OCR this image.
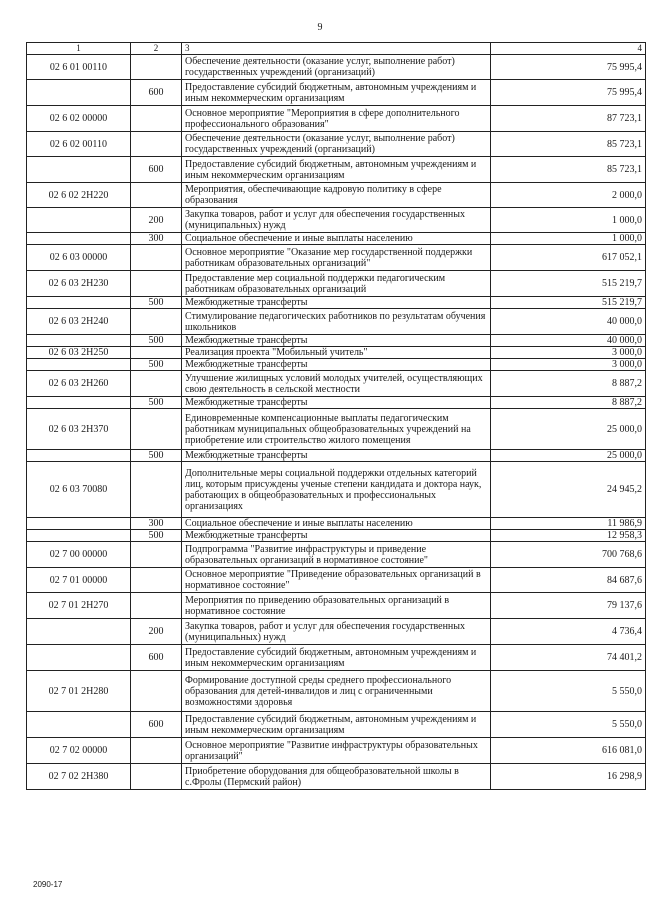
9
1	2	3	4
02 6 01 00110		Обеспечение деятельности (оказание услуг, выполнение работ) государственных учреждений (организаций)	75 995,4
	600	Предоставление субсидий бюджетным, автономным учреждениям и иным некоммерческим организациям	75 995,4
02 6 02 00000		Основное мероприятие "Мероприятия в сфере дополнительного профессионального образования"	87 723,1
02 6 02 00110		Обеспечение деятельности (оказание услуг, выполнение работ) государственных учреждений (организаций)	85 723,1
	600	Предоставление субсидий бюджетным, автономным учреждениям и иным некоммерческим организациям	85 723,1
02 6 02 2Н220		Мероприятия, обеспечивающие кадровую политику в сфере образования	2 000,0
	200	Закупка товаров, работ и услуг для обеспечения государственных (муниципальных) нужд	1 000,0
	300	Социальное обеспечение и иные выплаты населению	1 000,0
02 6 03 00000		Основное мероприятие "Оказание мер государственной поддержки работникам образовательных организаций"	617 052,1
02 6 03 2Н230		Предоставление мер социальной поддержки педагогическим работникам образовательных организаций	515 219,7
	500	Межбюджетные трансферты	515 219,7
02 6 03 2Н240		Стимулирование педагогических работников по результатам обучения школьников	40 000,0
	500	Межбюджетные трансферты	40 000,0
02 6 03 2Н250		Реализация проекта "Мобильный учитель"	3 000,0
	500	Межбюджетные трансферты	3 000,0
02 6 03 2Н260		Улучшение жилищных условий молодых учителей, осуществляющих свою деятельность в сельской местности	8 887,2
	500	Межбюджетные трансферты	8 887,2
02 6 03 2Н370		Единовременные компенсационные выплаты педагогическим работникам муниципальных общеобразовательных учреждений на приобретение или строительство жилого помещения	25 000,0
	500	Межбюджетные трансферты	25 000,0
02 6 03 70080		Дополнительные меры социальной поддержки отдельных категорий лиц, которым присуждены ученые степени кандидата и доктора наук, работающих в общеобразовательных и профессиональных организациях	24 945,2
	300	Социальное обеспечение и иные выплаты населению	11 986,9
	500	Межбюджетные трансферты	12 958,3
02 7 00 00000		Подпрограмма "Развитие инфраструктуры и приведение образовательных организаций в нормативное состояние"	700 768,6
02 7 01 00000		Основное мероприятие "Приведение образовательных организаций в нормативное состояние"	84 687,6
02 7 01 2Н270		Мероприятия по приведению образовательных организаций в нормативное состояние	79 137,6
	200	Закупка товаров, работ и услуг для обеспечения государственных (муниципальных) нужд	4 736,4
	600	Предоставление субсидий бюджетным, автономным учреждениям и иным некоммерческим организациям	74 401,2
02 7 01 2Н280		Формирование доступной среды среднего профессионального образования для детей-инвалидов и лиц с ограниченными возможностями здоровья	5 550,0
	600	Предоставление субсидий бюджетным, автономным учреждениям и иным некоммерческим организациям	5 550,0
02 7 02 00000		Основное мероприятие "Развитие инфраструктуры образовательных организаций"	616 081,0
02 7 02 2Н380		Приобретение оборудования для общеобразовательной школы в с.Фролы (Пермский район)	16 298,9
2090-17
